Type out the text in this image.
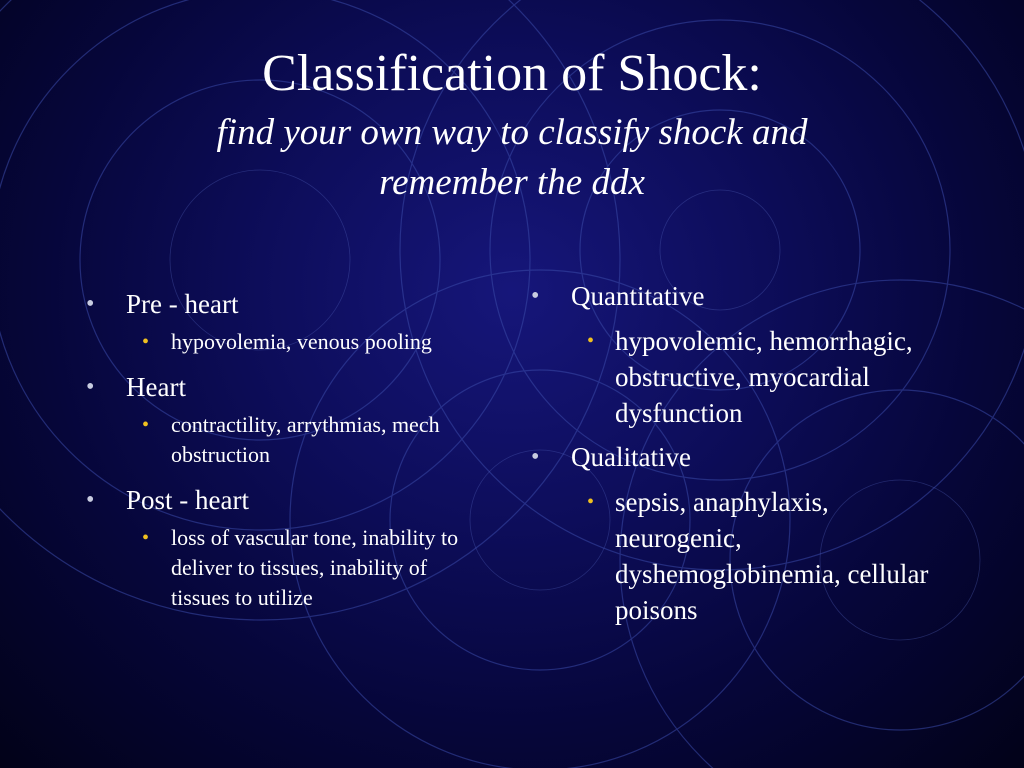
Classification of Shock:

find your own way to classify shock and
remember the ddx

• Pre - heart
• hypovolemia, venous pooling
• Heart
• contractility, arrythmias, mech obstruction
• Post - heart
• loss of vascular tone, inability to deliver to tissues, inability of tissues to utilize
• Quantitative
• hypovolemic, hemorrhagic, obstructive, myocardial dysfunction
• Qualitative
• sepsis, anaphylaxis, neurogenic, dyshemoglobinemia, cellular poisons
